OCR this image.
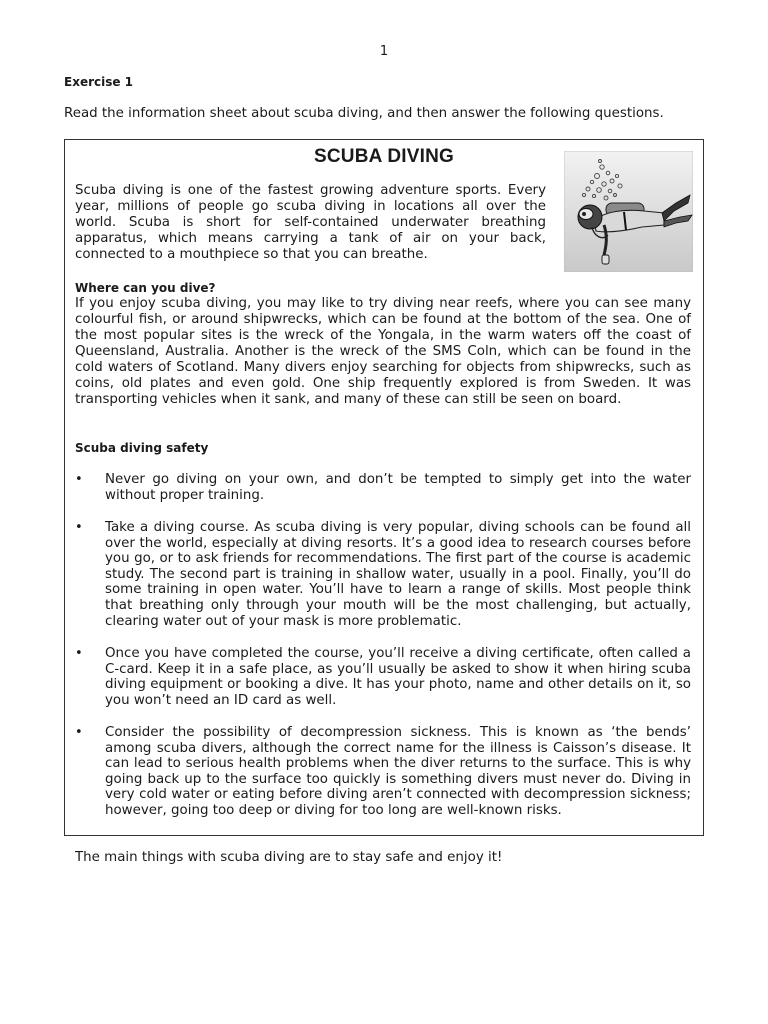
1
Exercise 1
Read the information sheet about scuba diving, and then answer the following questions.
SCUBA DIVING
Scuba diving is one of the fastest growing adventure sports. Every year, millions of people go scuba diving in locations all over the world. Scuba is short for self-contained underwater breathing apparatus, which means carrying a tank of air on your back, connected to a mouthpiece so that you can breathe.
Where can you dive?
If you enjoy scuba diving, you may like to try diving near reefs, where you can see many colourful fish, or around shipwrecks, which can be found at the bottom of the sea. One of the most popular sites is the wreck of the Yongala, in the warm waters off the coast of Queensland, Australia. Another is the wreck of the SMS Coln, which can be found in the cold waters of Scotland. Many divers enjoy searching for objects from shipwrecks, such as coins, old plates and even gold. One ship frequently explored is from Sweden. It was transporting vehicles when it sank, and many of these can still be seen on board.
Scuba diving safety
• Never go diving on your own, and don’t be tempted to simply get into the water without proper training.
• Take a diving course. As scuba diving is very popular, diving schools can be found all over the world, especially at diving resorts. It’s a good idea to research courses before you go, or to ask friends for recommendations. The first part of the course is academic study. The second part is training in shallow water, usually in a pool. Finally, you’ll do some training in open water. You’ll have to learn a range of skills. Most people think that breathing only through your mouth will be the most challenging, but actually, clearing water out of your mask is more problematic.
• Once you have completed the course, you’ll receive a diving certificate, often called a C-card. Keep it in a safe place, as you’ll usually be asked to show it when hiring scuba diving equipment or booking a dive. It has your photo, name and other details on it, so you won’t need an ID card as well.
• Consider the possibility of decompression sickness. This is known as ‘the bends’ among scuba divers, although the correct name for the illness is Caisson’s disease. It can lead to serious health problems when the diver returns to the surface. This is why going back up to the surface too quickly is something divers must never do. Diving in very cold water or eating before diving aren’t connected with decompression sickness; however, going too deep or diving for too long are well-known risks.
The main things with scuba diving are to stay safe and enjoy it!
